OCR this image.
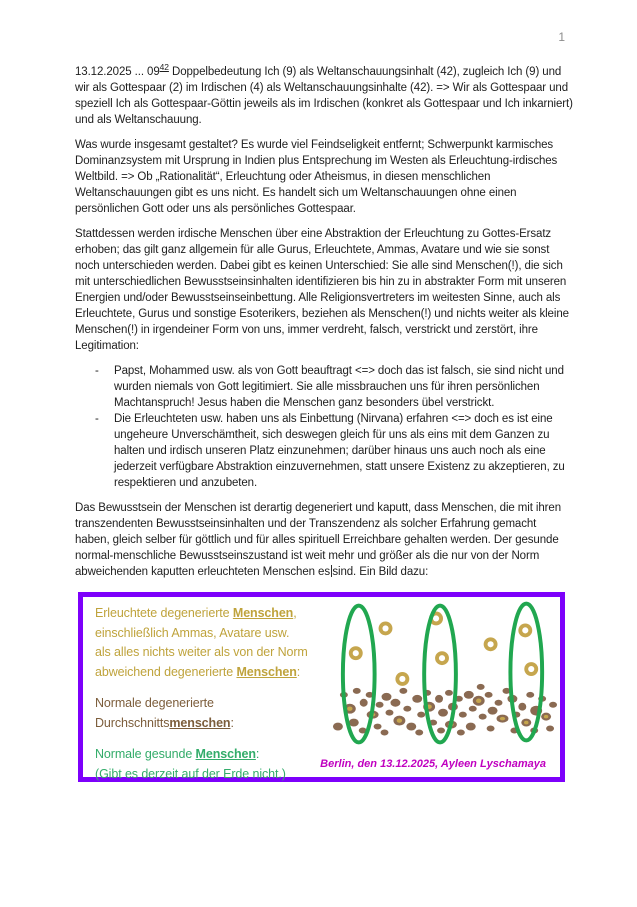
1

13.12.2025 ... $09^{42}$ Doppelbedeutung Ich (9) als Weltanschauungsinhalt (42), zugleich Ich (9) und wir als Gottespaar (2) im Irdischen (4) als Weltanschauungsinhalte (42). => Wir als Gottespaar und speziell Ich als Gottespaar-Göttin jeweils als im Irdischen (konkret als Gottespaar und Ich inkarniert) und als Weltanschauung.

Was wurde insgesamt gestaltet? Es wurde viel Feindseligkeit entfernt; Schwerpunkt karmisches Dominanzsystem mit Ursprung in Indien plus Entsprechung im Westen als Erleuchtung-irdisches Weltbild. => Ob „Rationalität“, Erleuchtung oder Atheismus, in diesen menschlichen Weltanschauungen gibt es uns nicht. Es handelt sich um Weltanschauungen ohne einen persönlichen Gott oder uns als persönliches Gottespaar.

Stattdessen werden irdische Menschen über eine Abstraktion der Erleuchtung zu Gottes-Ersatz erhoben; das gilt ganz allgemein für alle Gurus, Erleuchtete, Ammas, Avatare und wie sie sonst noch unterschieden werden. Dabei gibt es keinen Unterschied: Sie alle sind Menschen(!), die sich mit unterschiedlichen Bewusstseinsinhalten identifizieren bis hin zu in abstrakter Form mit unseren Energien und/oder Bewusstseinseinbettung. Alle Religionsvertreters im weitesten Sinne, auch als Erleuchtete, Gurus und sonstige Esoterikers, beziehen als Menschen(!) und nichts weiter als kleine Menschen(!) in irgendeiner Form von uns, immer verdreht, falsch, verstrickt und zerstört, ihre Legitimation:

-	Papst, Mohammed usw. als von Gott beauftragt <=> doch das ist falsch, sie sind nicht und wurden niemals von Gott legitimiert. Sie alle missbrauchen uns für ihren persönlichen Machtanspruch! Jesus haben die Menschen ganz besonders übel verstrickt.
-	Die Erleuchteten usw. haben uns als Einbettung (Nirvana) erfahren <=> doch es ist eine ungeheure Unverschämtheit, sich deswegen gleich für uns als eins mit dem Ganzen zu halten und irdisch unseren Platz einzunehmen; darüber hinaus uns auch noch als eine jederzeit verfügbare Abstraktion einzuvernehmen, statt unsere Existenz zu akzeptieren, zu respektieren und anzubeten.

Das Bewusstsein der Menschen ist derartig degeneriert und kaputt, dass Menschen, die mit ihren transzendenten Bewusstseinsinhalten und der Transzendenz als solcher Erfahrung gemacht haben, gleich selber für göttlich und für alles spirituell Erreichbare gehalten werden. Der gesunde normal-menschliche Bewusstseinszustand ist weit mehr und größer als die nur von der Norm abweichenden kaputten erleuchteten Menschen es sind. Ein Bild dazu:

Erleuchtete degenerierte Menschen,
einschließlich Ammas, Avatare usw.
als alles nichts weiter als von der Norm
abweichend degenerierte Menschen:
Normale degenerierte
Durchschnittsmenschen:
Normale gesunde Menschen:
(Gibt es derzeit auf der Erde nicht.)
Berlin, den 13.12.2025, Ayleen Lyschamaya
